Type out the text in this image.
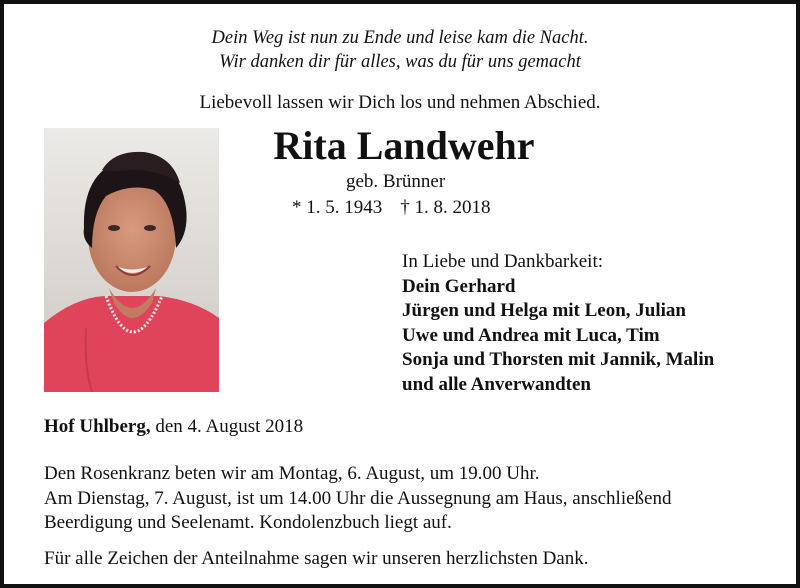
Dein Weg ist nun zu Ende und leise kam die Nacht.
Wir danken dir für alles, was du für uns gemacht
Liebevoll lassen wir Dich los und nehmen Abschied.
Rita Landwehr
geb. Brünner
* 1. 5. 1943 † 1. 8. 2018
In Liebe und Dankbarkeit:
Dein Gerhard
Jürgen und Helga mit Leon, Julian
Uwe und Andrea mit Luca, Tim
Sonja und Thorsten mit Jannik, Malin
und alle Anverwandten
Hof Uhlberg, den 4. August 2018
Den Rosenkranz beten wir am Montag, 6. August, um 19.00 Uhr.
Am Dienstag, 7. August, ist um 14.00 Uhr die Aussegnung am Haus, anschließend
Beerdigung und Seelenamt. Kondolenzbuch liegt auf.
Für alle Zeichen der Anteilnahme sagen wir unseren herzlichsten Dank.
